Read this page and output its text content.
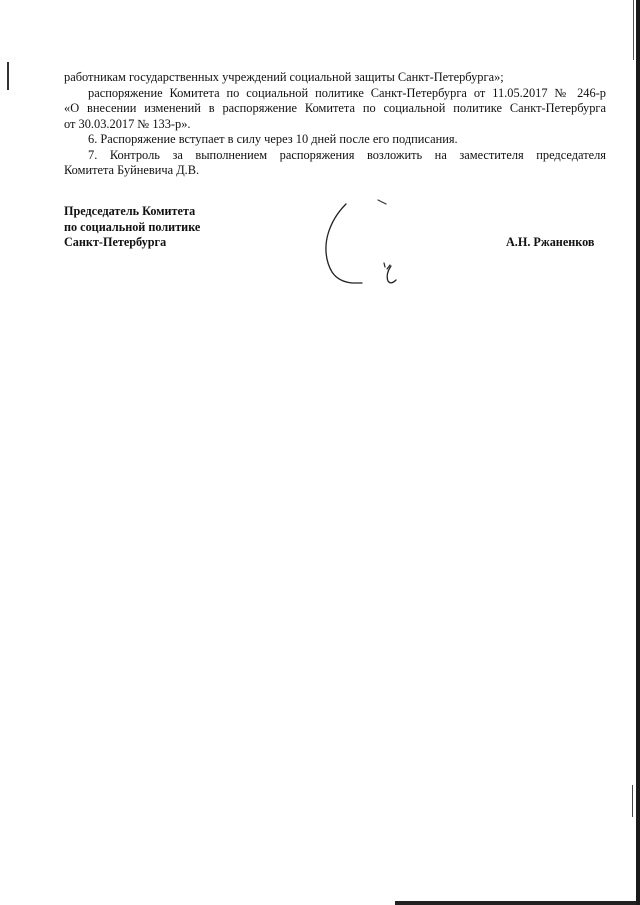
работникам государственных учреждений социальной защиты Санкт-Петербурга»;

распоряжение Комитета по социальной политике Санкт-Петербурга от 11.05.2017 № 246-р

«О внесении изменений в распоряжение Комитета по социальной политике Санкт-Петербурга

от 30.03.2017 № 133-р».

6. Распоряжение вступает в силу через 10 дней после его подписания.

7. Контроль за выполнением распоряжения возложить на заместителя председателя

Комитета Буйневича Д.В.

Председатель Комитета
по социальной политике
Санкт-Петербурга	А.Н. Ржаненков
